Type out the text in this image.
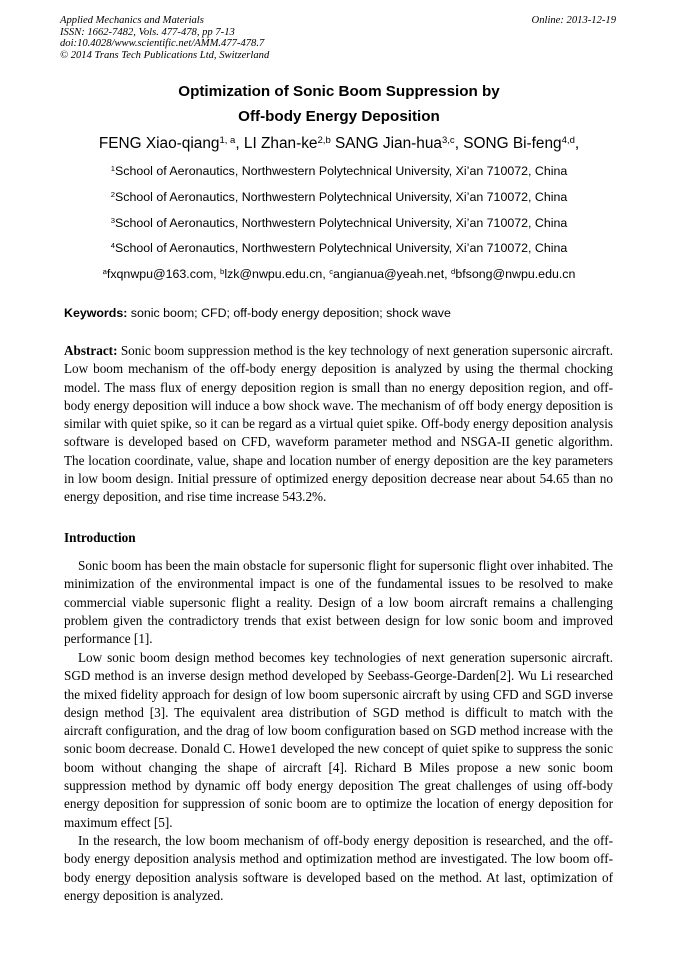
Applied Mechanics and Materials
ISSN: 1662-7482, Vols. 477-478, pp 7-13
doi:10.4028/www.scientific.net/AMM.477-478.7
© 2014 Trans Tech Publications Ltd, Switzerland
Online: 2013-12-19
Optimization of Sonic Boom Suppression by
Off-body Energy Deposition
FENG Xiao-qiang$^{1, a}$, LI Zhan-ke$^{2,b}$ SANG Jian-hua$^{3,c}$, SONG Bi-feng$^{4,d}$,
$^1$School of Aeronautics, Northwestern Polytechnical University, Xi’an 710072, China
$^2$School of Aeronautics, Northwestern Polytechnical University, Xi’an 710072, China
$^3$School of Aeronautics, Northwestern Polytechnical University, Xi’an 710072, China
$^4$School of Aeronautics, Northwestern Polytechnical University, Xi’an 710072, China
$^a$fxqnwpu@163.com, $^b$lzk@nwpu.edu.cn, $^c$angianua@yeah.net, $^d$bfsong@nwpu.edu.cn
Keywords: sonic boom; CFD; off-body energy deposition; shock wave
Abstract: Sonic boom suppression method is the key technology of next generation supersonic aircraft. Low boom mechanism of the off-body energy deposition is analyzed by using the thermal chocking model. The mass flux of energy deposition region is small than no energy deposition region, and off-body energy deposition will induce a bow shock wave. The mechanism of off body energy deposition is similar with quiet spike, so it can be regard as a virtual quiet spike. Off-body energy deposition analysis software is developed based on CFD, waveform parameter method and NSGA-II genetic algorithm. The location coordinate, value, shape and location number of energy deposition are the key parameters in low boom design. Initial pressure of optimized energy deposition decrease near about 54.65 than no energy deposition, and rise time increase 543.2%.
Introduction
Sonic boom has been the main obstacle for supersonic flight for supersonic flight over inhabited. The minimization of the environmental impact is one of the fundamental issues to be resolved to make commercial viable supersonic flight a reality. Design of a low boom aircraft remains a challenging problem given the contradictory trends that exist between design for low sonic boom and improved performance [1].
Low sonic boom design method becomes key technologies of next generation supersonic aircraft. SGD method is an inverse design method developed by Seebass-George-Darden[2]. Wu Li researched the mixed fidelity approach for design of low boom supersonic aircraft by using CFD and SGD inverse design method [3]. The equivalent area distribution of SGD method is difficult to match with the aircraft configuration, and the drag of low boom configuration based on SGD method increase with the sonic boom decrease. Donald C. Howe1 developed the new concept of quiet spike to suppress the sonic boom without changing the shape of aircraft [4]. Richard B Miles propose a new sonic boom suppression method by dynamic off body energy deposition The great challenges of using off-body energy deposition for suppression of sonic boom are to optimize the location of energy deposition for maximum effect [5].
In the research, the low boom mechanism of off-body energy deposition is researched, and the off-body energy deposition analysis method and optimization method are investigated. The low boom off-body energy deposition analysis software is developed based on the method. At last, optimization of energy deposition is analyzed.
